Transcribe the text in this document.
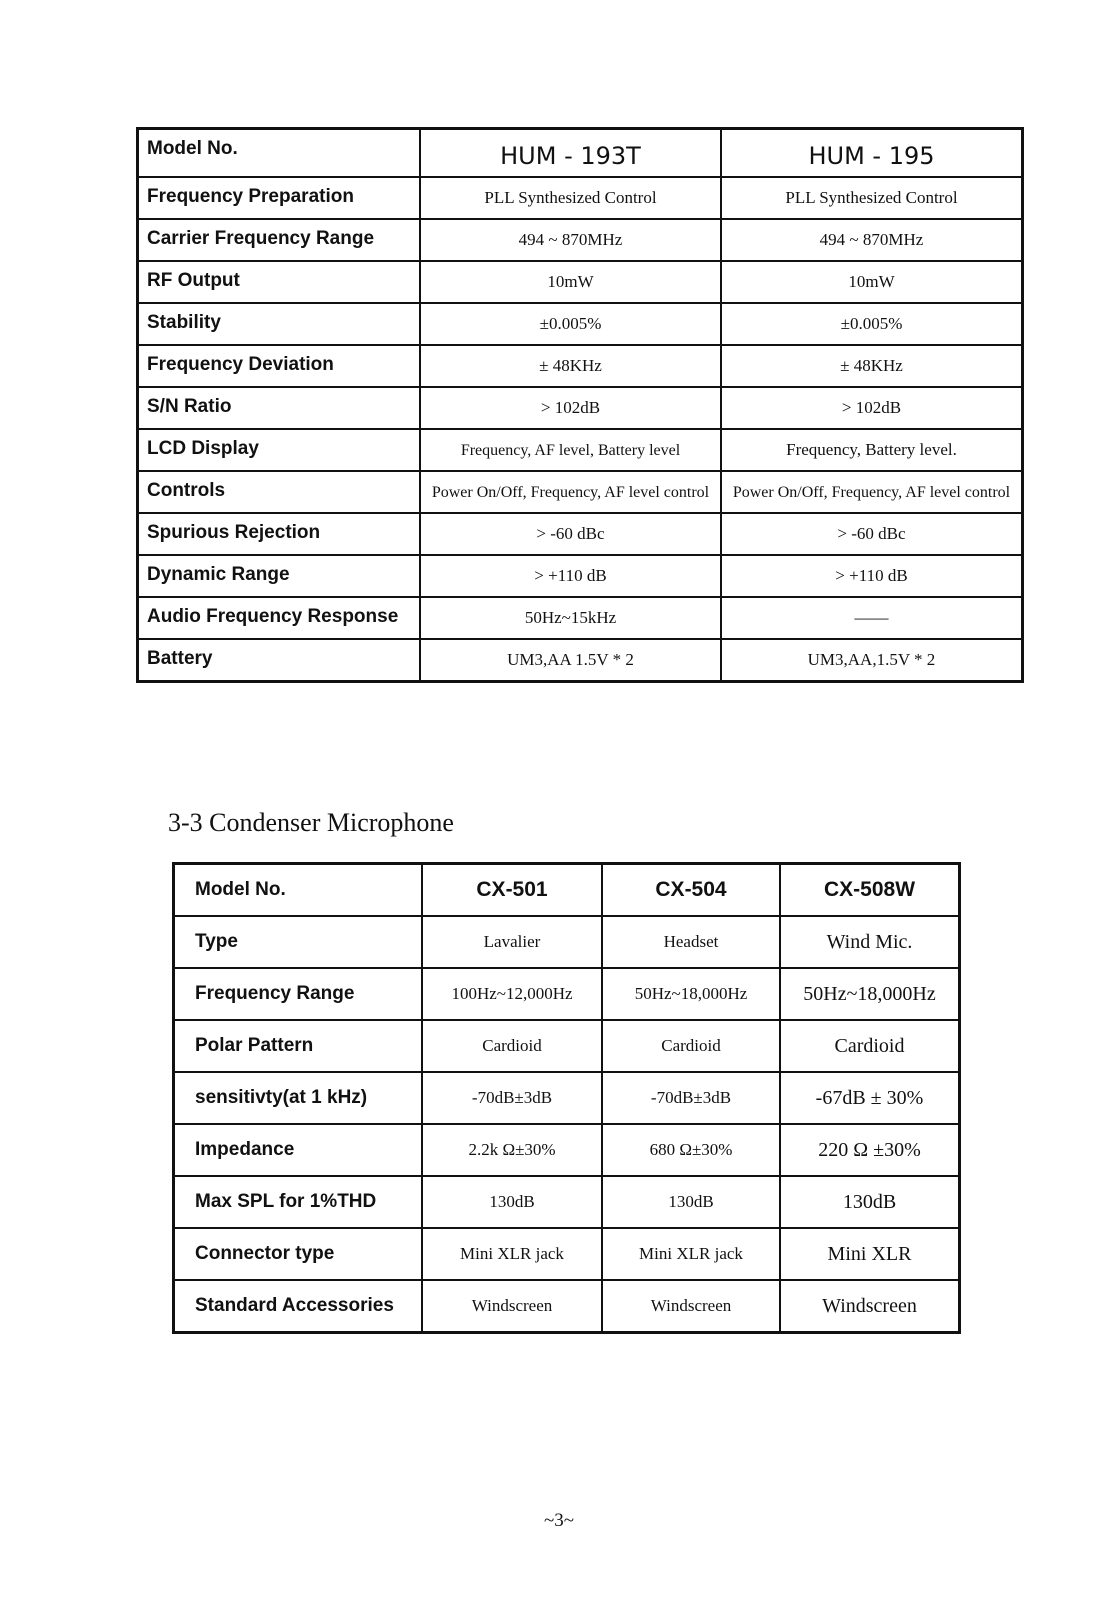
Model No.	HUM - 193T	HUM - 195
Frequency Preparation	PLL Synthesized Control	PLL Synthesized Control
Carrier Frequency Range	494 ~ 870MHz	494 ~ 870MHz
RF Output	10mW	10mW
Stability	±0.005%	±0.005%
Frequency Deviation	± 48KHz	± 48KHz
S/N Ratio	> 102dB	> 102dB
LCD Display	Frequency, AF level, Battery level	Frequency, Battery level.
Controls	Power On/Off, Frequency, AF level control	Power On/Off, Frequency, AF level control
Spurious Rejection	> -60 dBc	> -60 dBc
Dynamic Range	> +110 dB	> +110 dB
Audio Frequency Response	50Hz~15kHz	——
Battery	UM3,AA 1.5V * 2	UM3,AA,1.5V * 2
3-3 Condenser Microphone
Model No.	CX-501	CX-504	CX-508W
Type	Lavalier	Headset	Wind Mic.
Frequency Range	100Hz~12,000Hz	50Hz~18,000Hz	50Hz~18,000Hz
Polar Pattern	Cardioid	Cardioid	Cardioid
sensitivty(at 1 kHz)	-70dB±3dB	-70dB±3dB	-67dB ± 30%
Impedance	2.2k Ω±30%	680 Ω±30%	220 Ω ±30%
Max SPL for 1%THD	130dB	130dB	130dB
Connector type	Mini XLR jack	Mini XLR jack	Mini XLR
Standard Accessories	Windscreen	Windscreen	Windscreen
~3~
